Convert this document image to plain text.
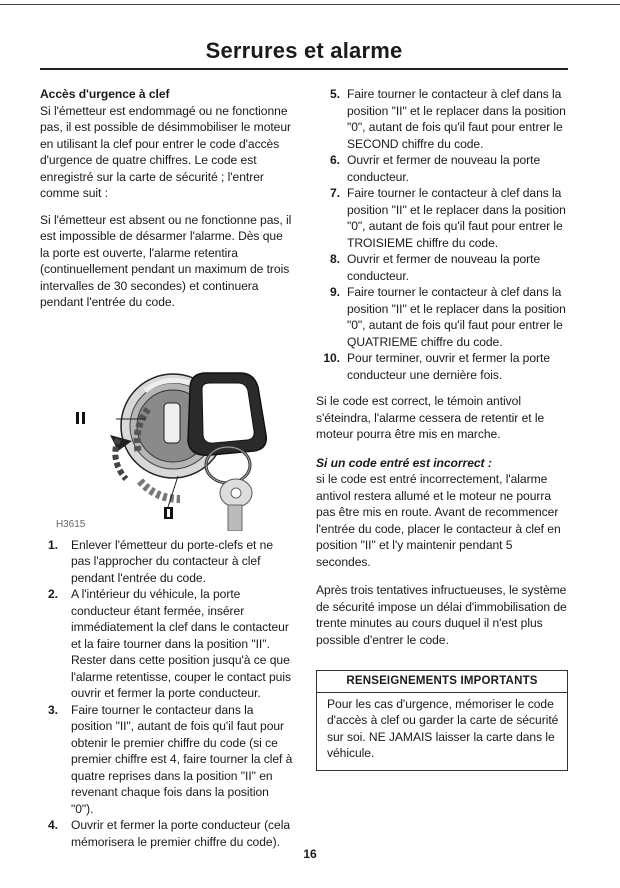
Serrures et alarme
Accès d'urgence à clef

Si l'émetteur est endommagé ou ne fonctionne pas, il est possible de désimmobiliser le moteur en utilisant la clef pour entrer le code d'accès d'urgence de quatre chiffres. Le code est enregistré sur la carte de sécurité ; l'entrer comme suit :

Si l'émetteur est absent ou ne fonctionne pas, il est impossible de désarmer l'alarme. Dès que la porte est ouverte, l'alarme retentira (continuellement pendant un maximum de trois intervalles de 30 secondes) et continuera pendant l'entrée du code.

H3615
1. Enlever l'émetteur du porte-clefs et ne pas l'approcher du contacteur à clef pendant l'entrée du code.
2. A l'intérieur du véhicule, la porte conducteur étant fermée, insérer immédiatement la clef dans le contacteur et la faire tourner dans la position "II". Rester dans cette position jusqu'à ce que l'alarme retentisse, couper le contact puis ouvrir et fermer la porte conducteur.
3. Faire tourner le contacteur dans la position "II", autant de fois qu'il faut pour obtenir le premier chiffre du code (si ce premier chiffre est 4, faire tourner la clef à quatre reprises dans la position "II" en revenant chaque fois dans la position "0").
4. Ouvrir et fermer la porte conducteur (cela mémorisera le premier chiffre du code).
5. Faire tourner le contacteur à clef dans la position "II" et le replacer dans la position "0", autant de fois qu'il faut pour entrer le SECOND chiffre du code.
6. Ouvrir et fermer de nouveau la porte conducteur.
7. Faire tourner le contacteur à clef dans la position "II" et le replacer dans la position "0", autant de fois qu'il faut pour entrer le TROISIEME chiffre du code.
8. Ouvrir et fermer de nouveau la porte conducteur.
9. Faire tourner le contacteur à clef dans la position "II" et le replacer dans la position "0", autant de fois qu'il faut pour entrer le QUATRIEME chiffre du code.
10. Pour terminer, ouvrir et fermer la porte conducteur une dernière fois.

Si le code est correct, le témoin antivol s'éteindra, l'alarme cessera de retentir et le moteur pourra être mis en marche.

Si un code entré est incorrect :

si le code est entré incorrectement, l'alarme antivol restera allumé et le moteur ne pourra pas être mis en route. Avant de recommencer l'entrée du code, placer le contacteur à clef en position "II" et l'y maintenir pendant 5 secondes.

Après trois tentatives infructueuses, le système de sécurité impose un délai d'immobilisation de trente minutes au cours duquel il n'est plus possible d'entrer le code.

RENSEIGNEMENTS IMPORTANTS
Pour les cas d'urgence, mémoriser le code d'accès à clef ou garder la carte de sécurité sur soi. NE JAMAIS laisser la carte dans le véhicule.
16
